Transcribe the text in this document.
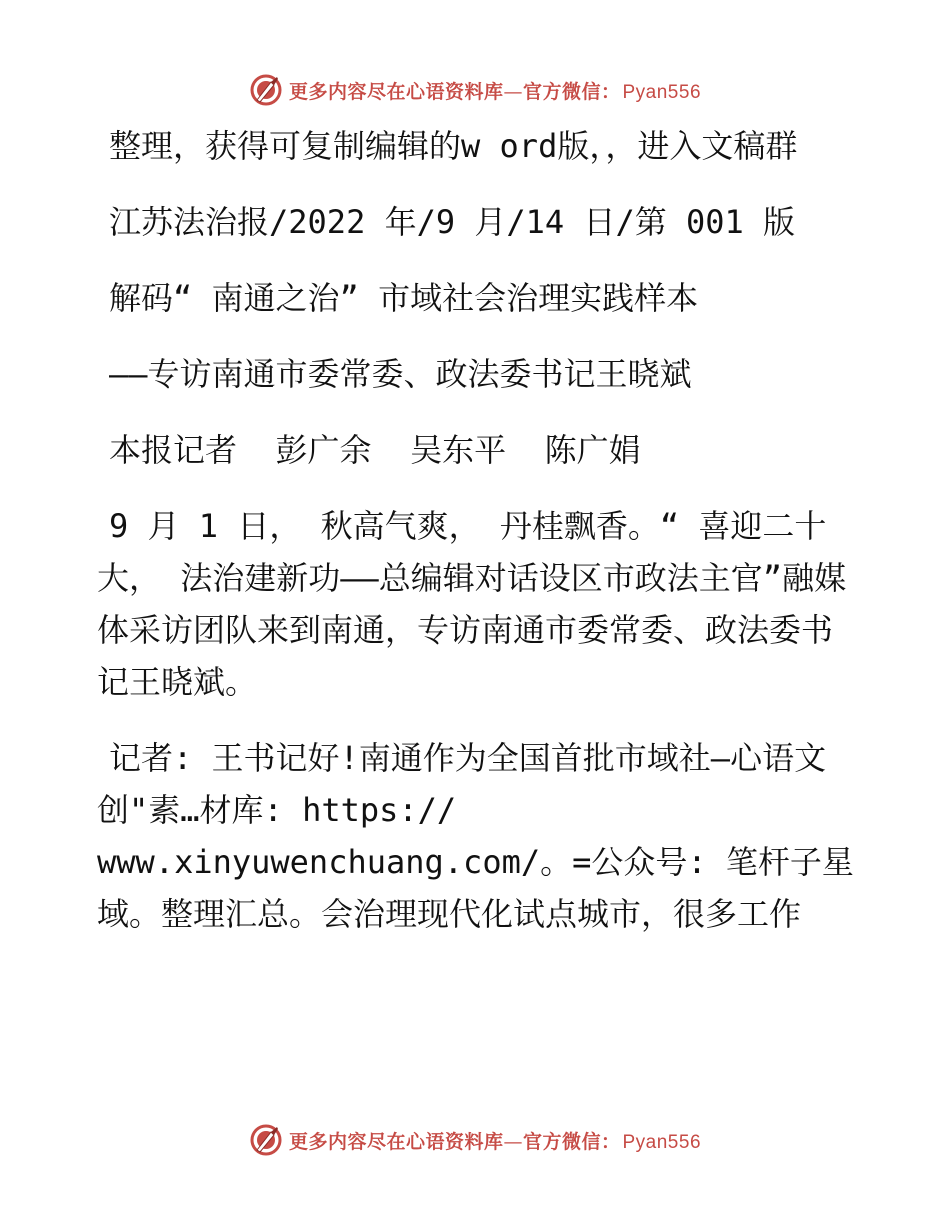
更多内容尽在心语资料库—官方微信： Pyan556

整理，获得可复制编辑的w ord版，，进入文稿群

江苏法治报/2022 年/9 月/14 日/第 001 版

解码“ 南通之治” 市域社会治理实践样本

——专访南通市委常委、政法委书记王晓斌

本报记者  彭广余  吴东平  陈广娟

9 月 1 日， 秋高气爽， 丹桂飘香。“ 喜迎二十大， 法治建新功——总编辑对话设区市政法主官”融媒体采访团队来到南通，专访南通市委常委、政法委书记王晓斌。

记者: 王书记好!南通作为全国首批市域社—心语文创"素…材库: https://

www.xinyuwenchuang.com/。=公众号: 笔杆子星域。整理汇总。会治理现代化试点城市，很多工作

更多内容尽在心语资料库—官方微信： Pyan556
